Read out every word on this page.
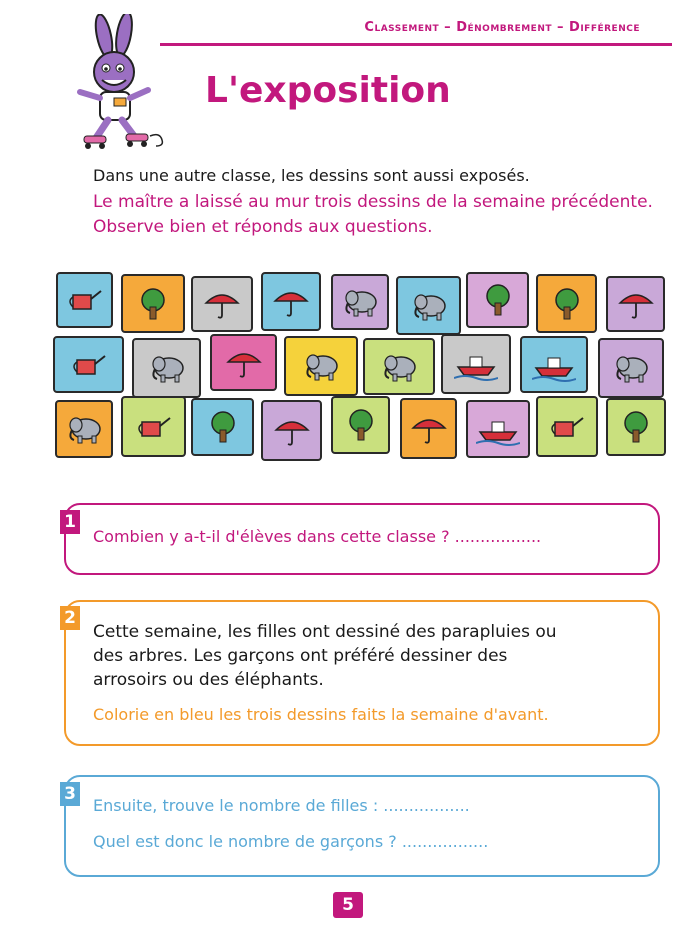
Classement – Dénombrement – Différence
L'exposition
Dans une autre classe, les dessins sont aussi exposés.
Le maître a laissé au mur trois dessins de la semaine précédente. Observe bien et réponds aux questions.
1
Combien y a-t-il d'élèves dans cette classe ? .................
2
Cette semaine, les filles ont dessiné des parapluies ou des arbres. Les garçons ont préféré dessiner des arrosoirs ou des éléphants.
Colorie en bleu les trois dessins faits la semaine d'avant.
3
Ensuite, trouve le nombre de filles : .................
Quel est donc le nombre de garçons ? .................
5
